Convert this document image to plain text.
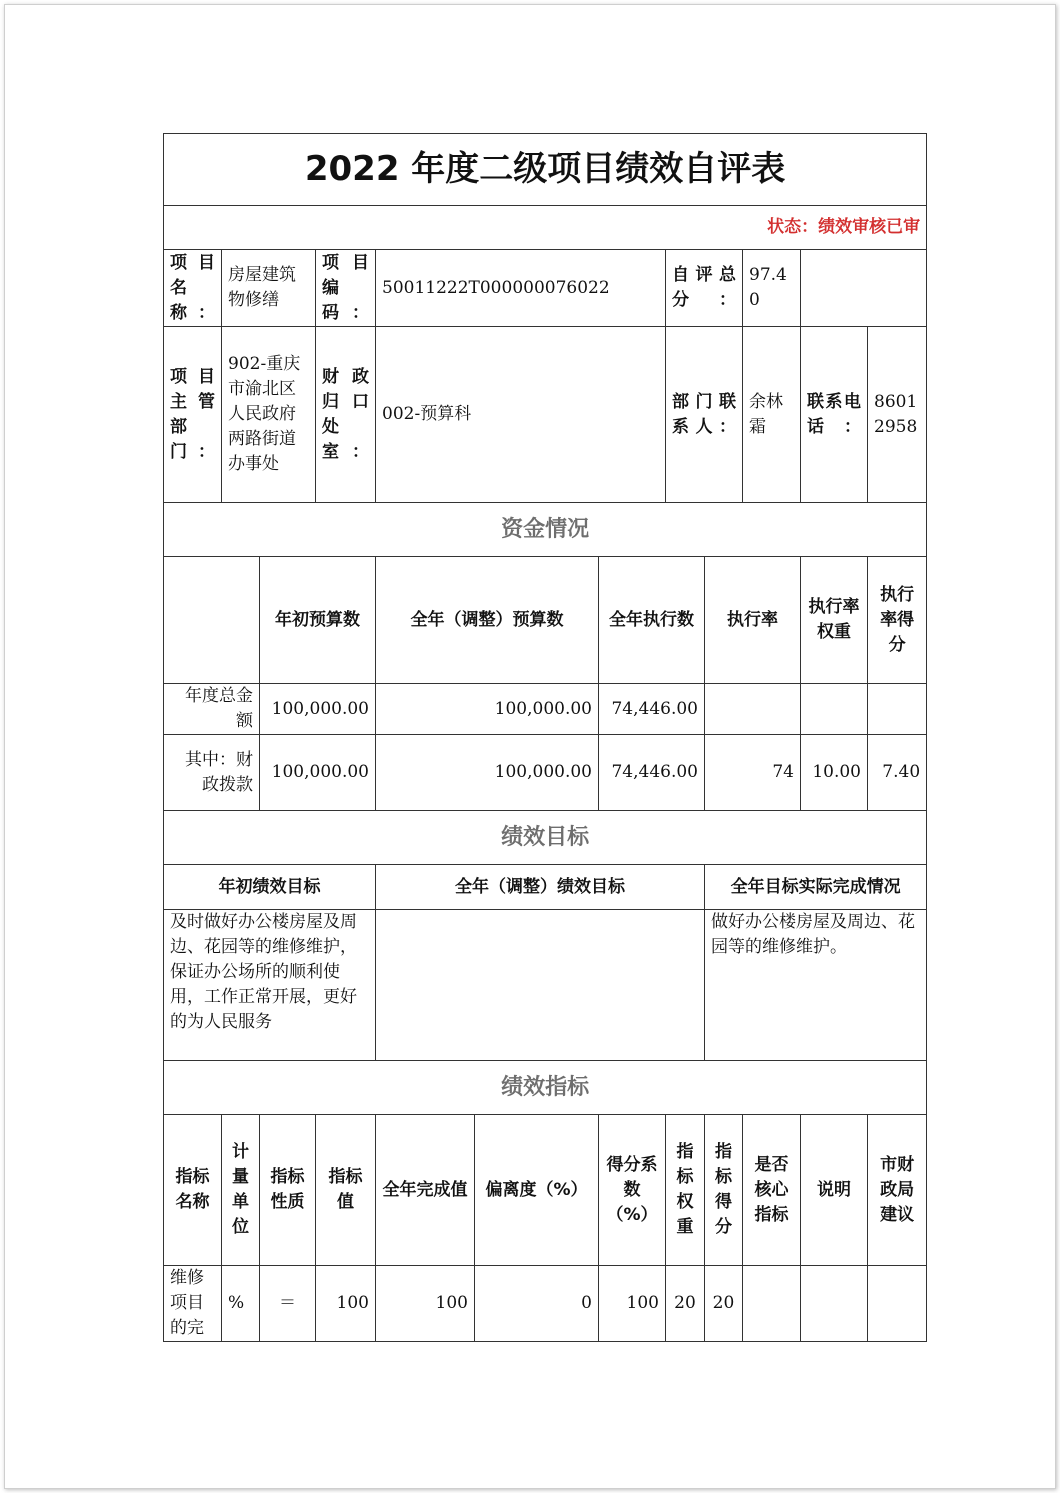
2022 年度二级项目绩效自评表											
状态：绩效审核已审											
项目名称：	房屋建筑物修缮		项目编码：	50011222T000000076022			自评总分：		97.40		
项目主管部门：	902-重庆市渝北区人民政府两路街道办事处		财政归口处室：	002-预算科			部门联系人：		余林霜	联系电话：	86012958
资金情况											
		年初预算数		全年（调整）预算数		全年执行数		执行率		执行率权重	执行率得分
年度总金额		100,000.00		100,000.00		74,446.00					
其中：财政拨款		100,000.00		100,000.00		74,446.00		74		10.00	7.40
绩效目标											
年初绩效目标				全年（调整）绩效目标				全年目标实际完成情况			
及时做好办公楼房屋及周边、花园等的维修维护，保证办公场所的顺利使用，工作正常开展，更好的为人民服务								做好办公楼房屋及周边、花园等的维修维护。			
绩效指标											
指标名称	计量单位	指标性质	指标值	全年完成值	偏离度（%）	得分系数（%）	指标权重	指标得分	是否核心指标	说明	市财政局建议
维修项目的完	%	＝	100	100	0	100	20	20			
